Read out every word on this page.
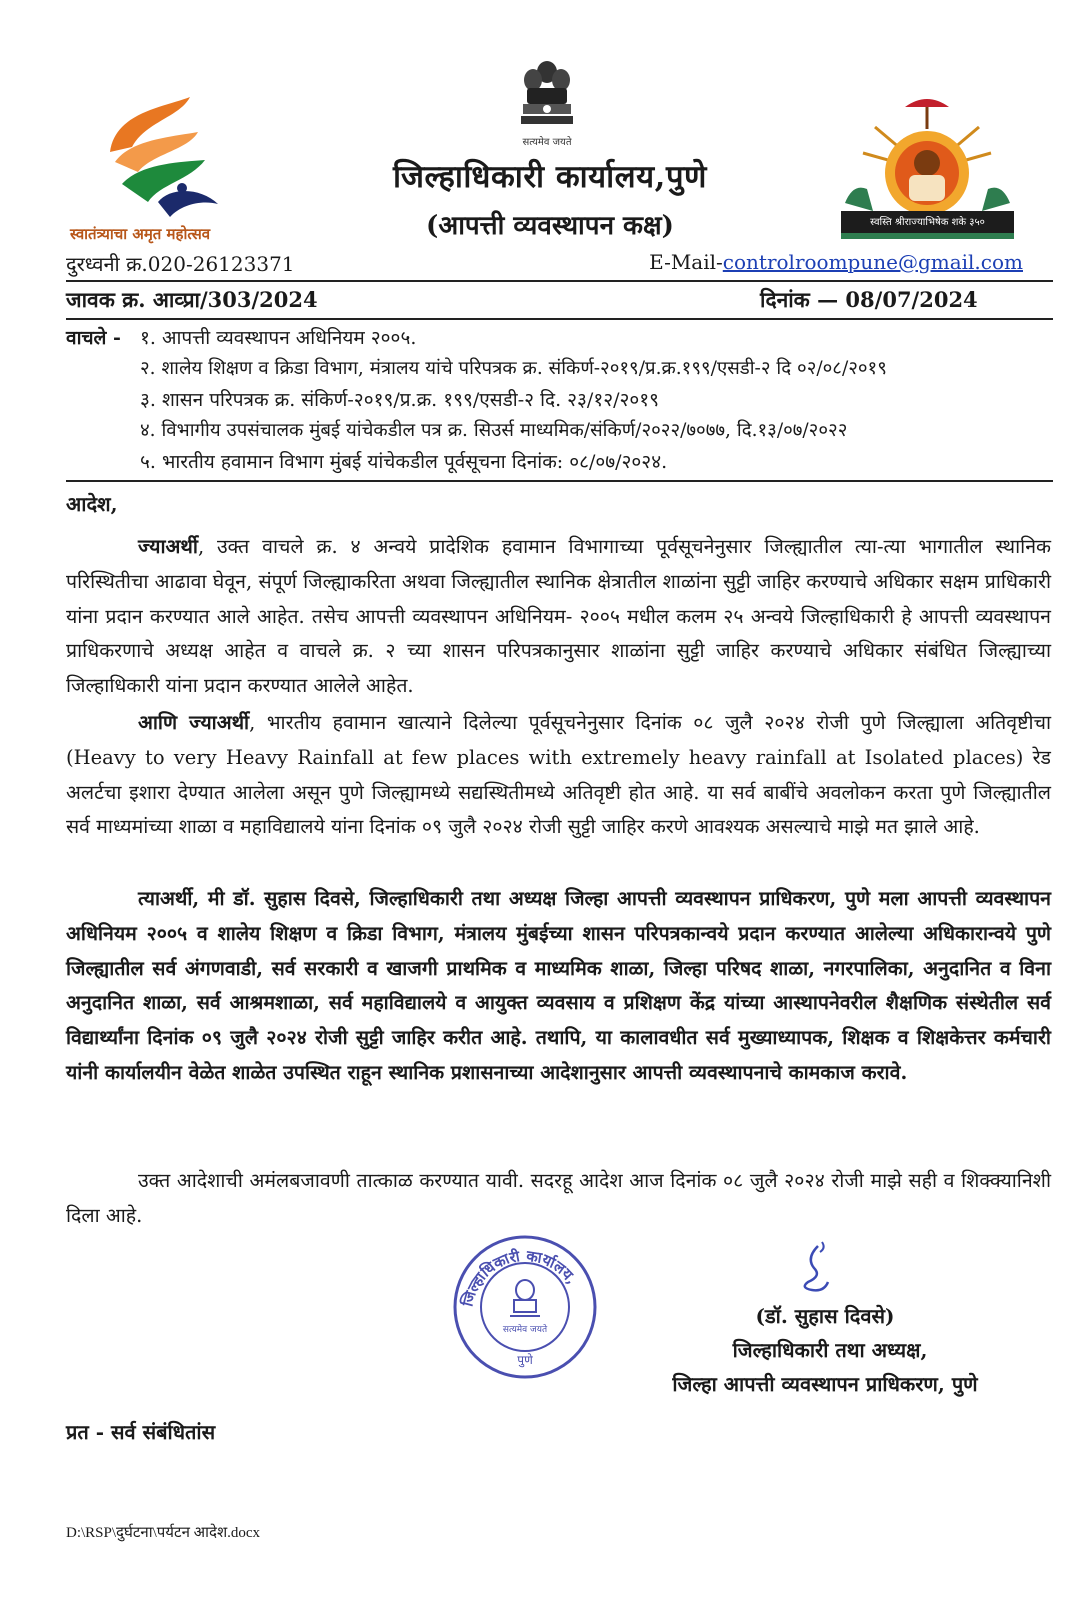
स्वातंत्र्याचा अमृत महोत्सव
सत्यमेव जयते
जिल्हाधिकारी कार्यालय,पुणे
(आपत्ती व्यवस्थापन कक्ष)	स्वस्ति श्रीराज्याभिषेक शके ३५०
दुरध्वनी क्र.020-26123371	E-Mail-controlroompune@gmail.com
जावक क्र. आव्प्रा/303/2024	दिनांक — 08/07/2024
वाचले - १. आपत्ती व्यवस्थापन अधिनियम २००५.
२. शालेय शिक्षण व क्रिडा विभाग, मंत्रालय यांचे परिपत्रक क्र. संकिर्ण-२०१९/प्र.क्र.१९९/एसडी-२ दि ०२/०८/२०१९
३. शासन परिपत्रक क्र. संकिर्ण-२०१९/प्र.क्र. १९९/एसडी-२ दि. २३/१२/२०१९
४. विभागीय उपसंचालक मुंबई यांचेकडील पत्र क्र. सिउर्स माध्यमिक/संकिर्ण/२०२२/७०७७, दि.१३/०७/२०२२
५. भारतीय हवामान विभाग मुंबई यांचेकडील पूर्वसूचना दिनांक: ०८/०७/२०२४.
आदेश,

ज्याअर्थी, उक्त वाचले क्र. ४ अन्वये प्रादेशिक हवामान विभागाच्या पूर्वसूचनेनुसार जिल्ह्यातील त्या-त्या भागातील स्थानिक परिस्थितीचा आढावा घेवून, संपूर्ण जिल्ह्याकरिता अथवा जिल्ह्यातील स्थानिक क्षेत्रातील शाळांना सुट्टी जाहिर करण्याचे अधिकार सक्षम प्राधिकारी यांना प्रदान करण्यात आले आहेत. तसेच आपत्ती व्यवस्थापन अधिनियम- २००५ मधील कलम २५ अन्वये जिल्हाधिकारी हे आपत्ती व्यवस्थापन प्राधिकरणाचे अध्यक्ष आहेत व वाचले क्र. २ च्या शासन परिपत्रकानुसार शाळांना सुट्टी जाहिर करण्याचे अधिकार संबंधित जिल्ह्याच्या जिल्हाधिकारी यांना प्रदान करण्यात आलेले आहेत.

आणि ज्याअर्थी, भारतीय हवामान खात्याने दिलेल्या पूर्वसूचनेनुसार दिनांक ०८ जुलै २०२४ रोजी पुणे जिल्ह्याला अतिवृष्टीचा (Heavy to very Heavy Rainfall at few places with extremely heavy rainfall at Isolated places) रेड अलर्टचा इशारा देण्यात आलेला असून पुणे जिल्ह्यामध्ये सद्यस्थितीमध्ये अतिवृष्टी होत आहे. या सर्व बाबींचे अवलोकन करता पुणे जिल्ह्यातील सर्व माध्यमांच्या शाळा व महाविद्यालये यांना दिनांक ०९ जुलै २०२४ रोजी सुट्टी जाहिर करणे आवश्यक असल्याचे माझे मत झाले आहे.

त्याअर्थी, मी डॉ. सुहास दिवसे, जिल्हाधिकारी तथा अध्यक्ष जिल्हा आपत्ती व्यवस्थापन प्राधिकरण, पुणे मला आपत्ती व्यवस्थापन अधिनियम २००५ व शालेय शिक्षण व क्रिडा विभाग, मंत्रालय मुंबईच्या शासन परिपत्रकान्वये प्रदान करण्यात आलेल्या अधिकारान्वये पुणे जिल्ह्यातील सर्व अंगणवाडी, सर्व सरकारी व खाजगी प्राथमिक व माध्यमिक शाळा, जिल्हा परिषद शाळा, नगरपालिका, अनुदानित व विना अनुदानित शाळा, सर्व आश्रमशाळा, सर्व महाविद्यालये व आयुक्त व्यवसाय व प्रशिक्षण केंद्र यांच्या आस्थापनेवरील शैक्षणिक संस्थेतील सर्व विद्यार्थ्यांना दिनांक ०९ जुलै २०२४ रोजी सुट्टी जाहिर करीत आहे. तथापि, या कालावधीत सर्व मुख्याध्यापक, शिक्षक व शिक्षकेत्तर कर्मचारी यांनी कार्यालयीन वेळेत शाळेत उपस्थित राहून स्थानिक प्रशासनाच्या आदेशानुसार आपत्ती व्यवस्थापनाचे कामकाज करावे.

उक्त आदेशाची अमंलबजावणी तात्काळ करण्यात यावी. सदरहू आदेश आज दिनांक ०८ जुलै २०२४ रोजी माझे सही व शिक्क्यानिशी दिला आहे.

जिल्हाधिकारी कार्यालय,
सत्यमेव जयते
पुणे
(डॉ. सुहास दिवसे)
जिल्हाधिकारी तथा अध्यक्ष,
जिल्हा आपत्ती व्यवस्थापन प्राधिकरण, पुणे
प्रत - सर्व संबंधितांस
D:\RSP\दुर्घटना\पर्यटन आदेश.docx
